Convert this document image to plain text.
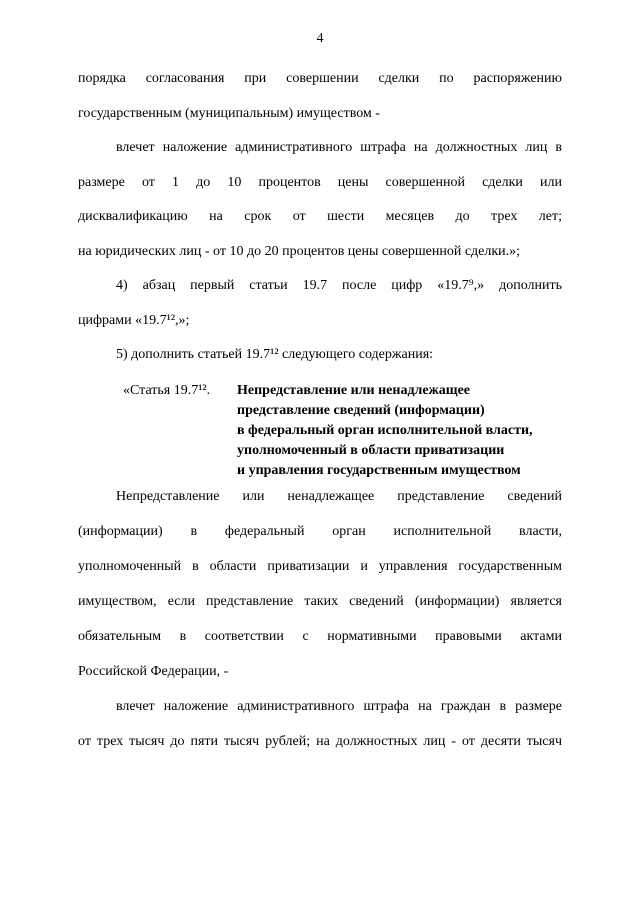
4
порядка согласования при совершении сделки по распоряжению
государственным (муниципальным) имуществом -
влечет наложение административного штрафа на должностных лиц в
размере от 1 до 10 процентов цены совершенной сделки или
дисквалификацию на срок от шести месяцев до трех лет;
на юридических лиц - от 10 до 20 процентов цены совершенной сделки.»;
4) абзац первый статьи 19.7 после цифр «19.7⁹,» дополнить
цифрами «19.7¹²,»;
5) дополнить статьей 19.7¹² следующего содержания:
«Статья 19.7¹².	Непредставление или ненадлежащее
представление сведений (информации)
в федеральный орган исполнительной власти,
уполномоченный в области приватизации
и управления государственным имуществом
Непредставление или ненадлежащее представление сведений
(информации) в федеральный орган исполнительной власти,
уполномоченный в области приватизации и управления государственным
имуществом, если представление таких сведений (информации) является
обязательным в соответствии с нормативными правовыми актами
Российской Федерации, -
влечет наложение административного штрафа на граждан в размере
от трех тысяч до пяти тысяч рублей; на должностных лиц - от десяти тысяч
